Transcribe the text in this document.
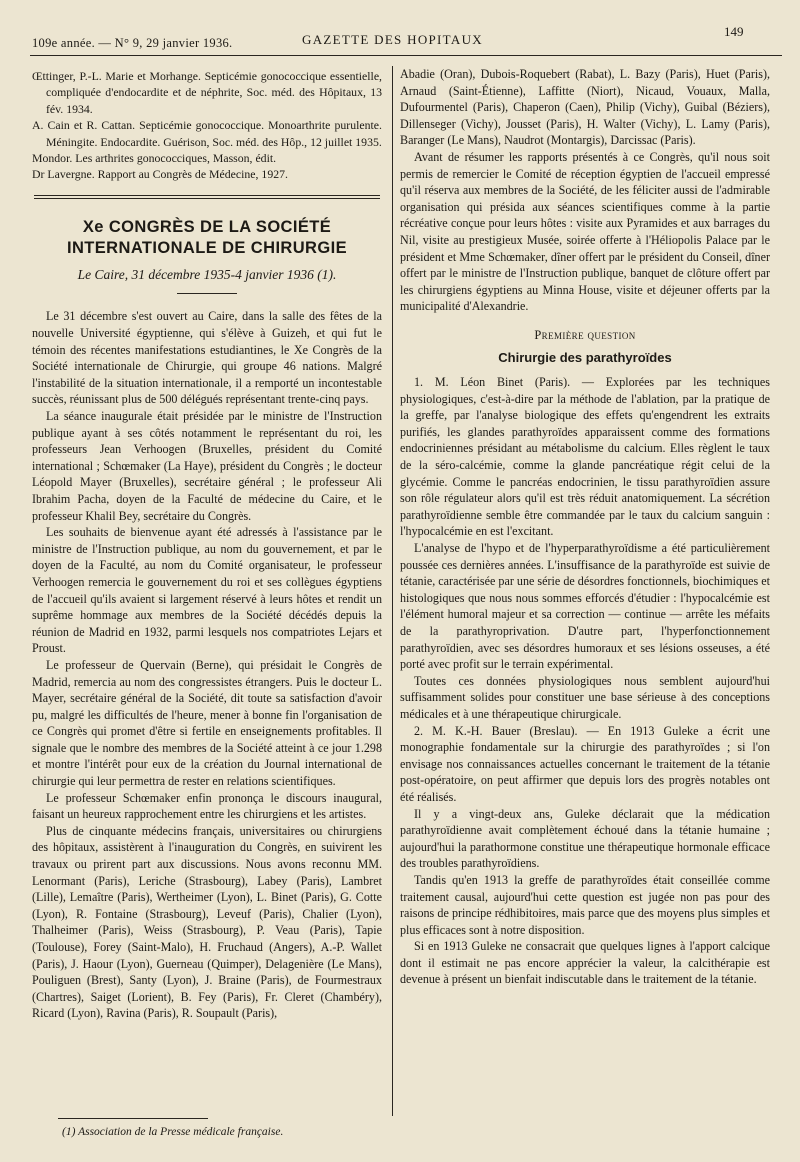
109e année. — N° 9, 29 janvier 1936.	GAZETTE DES HOPITAUX
149

Œttinger, P.-L. Marie et Morhange. Septicémie gonococcique essentielle, compliquée d'endocardite et de néphrite, Soc. méd. des Hôpitaux, 13 fév. 1934.

A. Cain et R. Cattan. Septicémie gonococcique. Monoarthrite purulente. Méningite. Endocardite. Guérison, Soc. méd. des Hôp., 12 juillet 1935.

Mondor. Les arthrites gonococciques, Masson, édit.

Dr Lavergne. Rapport au Congrès de Médecine, 1927.

Xe CONGRÈS DE LA SOCIÉTÉ INTERNATIONALE DE CHIRURGIE
Le Caire, 31 décembre 1935-4 janvier 1936 (1).

Le 31 décembre s'est ouvert au Caire, dans la salle des fêtes de la nouvelle Université égyptienne, qui s'élève à Guizeh, et qui fut le témoin des récentes manifestations estudiantines, le Xe Congrès de la Société internationale de Chirurgie, qui groupe 46 nations. Malgré l'instabilité de la situation internationale, il a remporté un incontestable succès, réunissant plus de 500 délégués représentant trente-cinq pays.

La séance inaugurale était présidée par le ministre de l'Instruction publique ayant à ses côtés notamment le représentant du roi, les professeurs Jean Verhoogen (Bruxelles, président du Comité international ; Schœmaker (La Haye), président du Congrès ; le docteur Léopold Mayer (Bruxelles), secrétaire général ; le professeur Ali Ibrahim Pacha, doyen de la Faculté de médecine du Caire, et le professeur Khalil Bey, secrétaire du Congrès.

Les souhaits de bienvenue ayant été adressés à l'assistance par le ministre de l'Instruction publique, au nom du gouvernement, et par le doyen de la Faculté, au nom du Comité organisateur, le professeur Verhoogen remercia le gouvernement du roi et ses collègues égyptiens de l'accueil qu'ils avaient si largement réservé à leurs hôtes et rendit un suprême hommage aux membres de la Société décédés depuis la réunion de Madrid en 1932, parmi lesquels nos compatriotes Lejars et Proust.

Le professeur de Quervain (Berne), qui présidait le Congrès de Madrid, remercia au nom des congressistes étrangers. Puis le docteur L. Mayer, secrétaire général de la Société, dit toute sa satisfaction d'avoir pu, malgré les difficultés de l'heure, mener à bonne fin l'organisation de ce Congrès qui promet d'être si fertile en enseignements profitables. Il signale que le nombre des membres de la Société atteint à ce jour 1.298 et montre l'intérêt pour eux de la création du Journal international de chirurgie qui leur permettra de rester en relations scientifiques.

Le professeur Schœmaker enfin prononça le discours inaugural, faisant un heureux rapprochement entre les chirurgiens et les artistes.

Plus de cinquante médecins français, universitaires ou chirurgiens des hôpitaux, assistèrent à l'inauguration du Congrès, en suivirent les travaux ou prirent part aux discussions. Nous avons reconnu MM. Lenormant (Paris), Leriche (Strasbourg), Labey (Paris), Lambret (Lille), Lemaître (Paris), Wertheimer (Lyon), L. Binet (Paris), G. Cotte (Lyon), R. Fontaine (Strasbourg), Leveuf (Paris), Chalier (Lyon), Thalheimer (Paris), Weiss (Strasbourg), P. Veau (Paris), Tapie (Toulouse), Forey (Saint-Malo), H. Fruchaud (Angers), A.-P. Wallet (Paris), J. Haour (Lyon), Guerneau (Quimper), Delagenière (Le Mans), Pouliguen (Brest), Santy (Lyon), J. Braine (Paris), de Fourmestraux (Chartres), Saiget (Lorient), B. Fey (Paris), Fr. Cleret (Chambéry), Ricard (Lyon), Ravina (Paris), R. Soupault (Paris),

(1) Association de la Presse médicale française.

Abadie (Oran), Dubois-Roquebert (Rabat), L. Bazy (Paris), Huet (Paris), Arnaud (Saint-Étienne), Laffitte (Niort), Nicaud, Vouaux, Malla, Dufourmentel (Paris), Chaperon (Caen), Philip (Vichy), Guibal (Béziers), Dillenseger (Vichy), Jousset (Paris), H. Walter (Vichy), L. Lamy (Paris), Baranger (Le Mans), Naudrot (Montargis), Darcissac (Paris).

Avant de résumer les rapports présentés à ce Congrès, qu'il nous soit permis de remercier le Comité de réception égyptien de l'accueil empressé qu'il réserva aux membres de la Société, de les féliciter aussi de l'admirable organisation qui présida aux séances scientifiques comme à la partie récréative conçue pour leurs hôtes : visite aux Pyramides et aux barrages du Nil, visite au prestigieux Musée, soirée offerte à l'Héliopolis Palace par le président et Mme Schœmaker, dîner offert par le président du Conseil, dîner offert par le ministre de l'Instruction publique, banquet de clôture offert par les chirurgiens égyptiens au Minna House, visite et déjeuner offerts par la municipalité d'Alexandrie.

Première question
Chirurgie des parathyroïdes

1. M. Léon Binet (Paris). — Explorées par les techniques physiologiques, c'est-à-dire par la méthode de l'ablation, par la pratique de la greffe, par l'analyse biologique des effets qu'engendrent les extraits purifiés, les glandes parathyroïdes apparaissent comme des formations endocriniennes présidant au métabolisme du calcium. Elles règlent le taux de la séro-calcémie, comme la glande pancréatique régit celui de la glycémie. Comme le pancréas endocrinien, le tissu parathyroïdien assure son rôle régulateur alors qu'il est très réduit anatomiquement. La sécrétion parathyroïdienne semble être commandée par le taux du calcium sanguin : l'hypocalcémie en est l'excitant.

L'analyse de l'hypo et de l'hyperparathyroïdisme a été particulièrement poussée ces dernières années. L'insuffisance de la parathyroïde est suivie de tétanie, caractérisée par une série de désordres fonctionnels, biochimiques et histologiques que nous nous sommes efforcés d'étudier : l'hypocalcémie est l'élément humoral majeur et sa correction — continue — arrête les méfaits de la parathyroprivation. D'autre part, l'hyperfonctionnement parathyroïdien, avec ses désordres humoraux et ses lésions osseuses, a été porté avec profit sur le terrain expérimental.

Toutes ces données physiologiques nous semblent aujourd'hui suffisamment solides pour constituer une base sérieuse à des conceptions médicales et à une thérapeutique chirurgicale.

2. M. K.-H. Bauer (Breslau). — En 1913 Guleke a écrit une monographie fondamentale sur la chirurgie des parathyroïdes ; si l'on envisage nos connaissances actuelles concernant le traitement de la tétanie post-opératoire, on peut affirmer que depuis lors des progrès notables ont été réalisés.

Il y a vingt-deux ans, Guleke déclarait que la médication parathyroïdienne avait complètement échoué dans la tétanie humaine ; aujourd'hui la parathormone constitue une thérapeutique hormonale efficace des troubles parathyroïdiens.

Tandis qu'en 1913 la greffe de parathyroïdes était conseillée comme traitement causal, aujourd'hui cette question est jugée non pas pour des raisons de principe rédhibitoires, mais parce que des moyens plus simples et plus efficaces sont à notre disposition.

Si en 1913 Guleke ne consacrait que quelques lignes à l'apport calcique dont il estimait ne pas encore apprécier la valeur, la calcithérapie est devenue à présent un bienfait indiscutable dans le traitement de la tétanie.
